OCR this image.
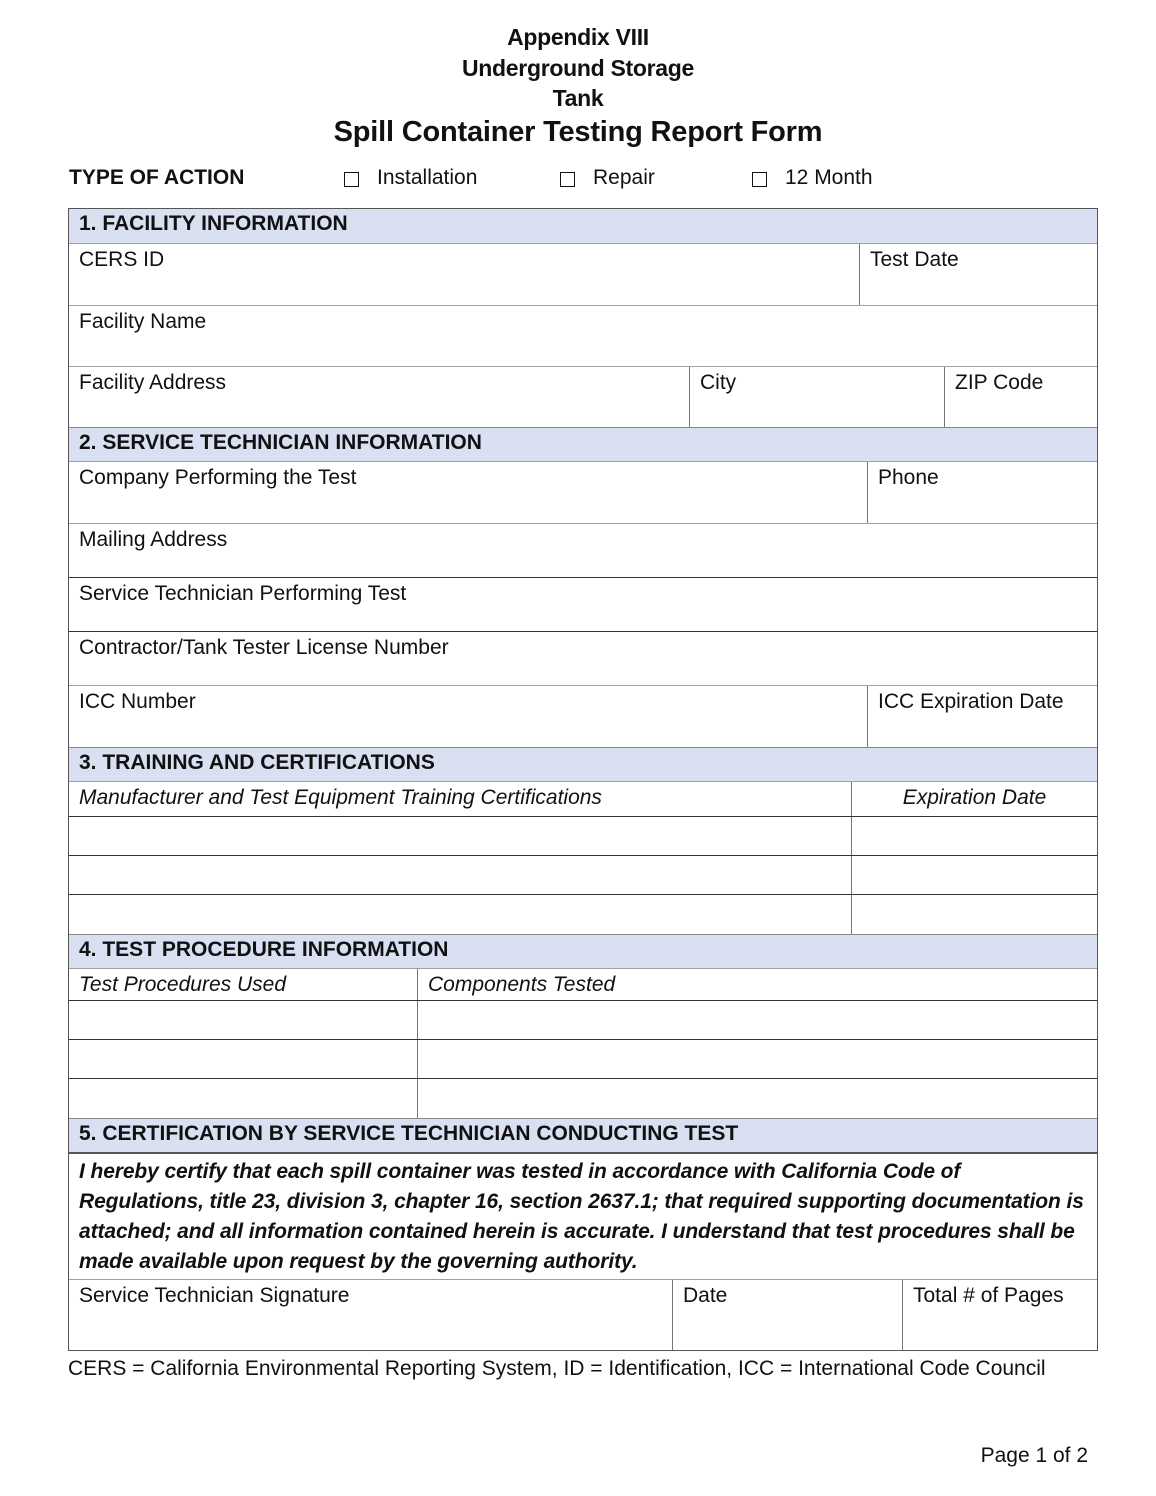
Appendix VIII
Underground Storage
Tank
Spill Container Testing Report Form
TYPE OF ACTION	Installation	Repair	12 Month
1. FACILITY INFORMATION
CERS ID	Test Date
Facility Name
Facility Address	City	ZIP Code
2. SERVICE TECHNICIAN INFORMATION
Company Performing the Test	Phone
Mailing Address
Service Technician Performing Test
Contractor/Tank Tester License Number
ICC Number	ICC Expiration Date
3. TRAINING AND CERTIFICATIONS
Manufacturer and Test Equipment Training Certifications	Expiration Date
4. TEST PROCEDURE INFORMATION
Test Procedures Used	Components Tested
5. CERTIFICATION BY SERVICE TECHNICIAN CONDUCTING TEST
I hereby certify that each spill container was tested in accordance with California Code of Regulations, title 23, division 3, chapter 16, section 2637.1; that required supporting documentation is attached; and all information contained herein is accurate. I understand that test procedures shall be made available upon request by the governing authority.
Service Technician Signature	Date	Total # of Pages
CERS = California Environmental Reporting System, ID = Identification, ICC = International Code Council
Page 1 of 2
